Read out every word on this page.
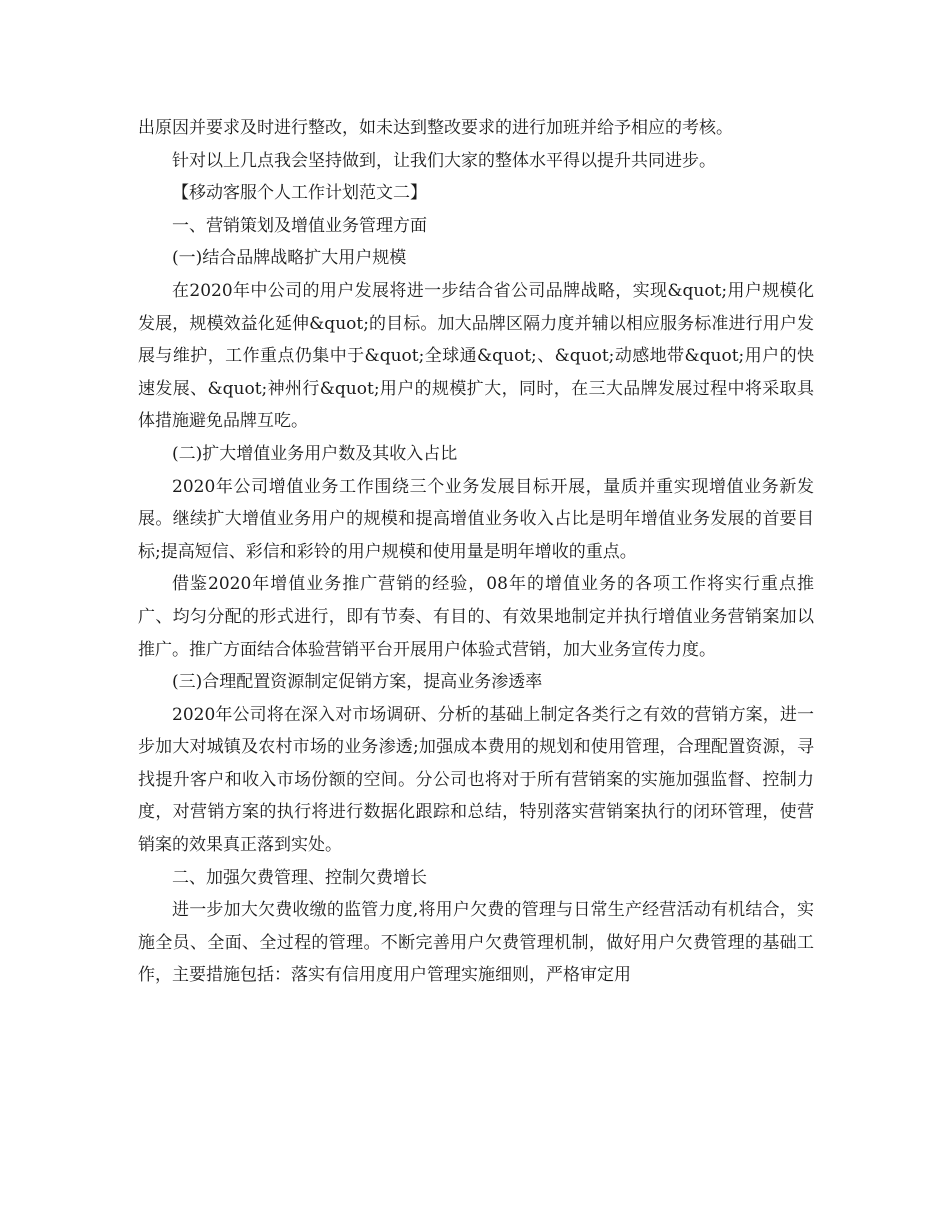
出原因并要求及时进行整改，如未达到整改要求的进行加班并给予相应的考核。

针对以上几点我会坚持做到，让我们大家的整体水平得以提升共同进步。

【移动客服个人工作计划范文二】

一、营销策划及增值业务管理方面

(一)结合品牌战略扩大用户规模

在2020年中公司的用户发展将进一步结合省公司品牌战略，实现&quot;用户规模化发展，规模效益化延伸&quot;的目标。加大品牌区隔力度并辅以相应服务标准进行用户发展与维护，工作重点仍集中于&quot;全球通&quot;、&quot;动感地带&quot;用户的快速发展、&quot;神州行&quot;用户的规模扩大，同时，在三大品牌发展过程中将采取具体措施避免品牌互吃。

(二)扩大增值业务用户数及其收入占比

2020年公司增值业务工作围绕三个业务发展目标开展，量质并重实现增值业务新发展。继续扩大增值业务用户的规模和提高增值业务收入占比是明年增值业务发展的首要目标;提高短信、彩信和彩铃的用户规模和使用量是明年增收的重点。

借鉴2020年增值业务推广营销的经验，08年的增值业务的各项工作将实行重点推广、均匀分配的形式进行，即有节奏、有目的、有效果地制定并执行增值业务营销案加以推广。推广方面结合体验营销平台开展用户体验式营销，加大业务宣传力度。

(三)合理配置资源制定促销方案，提高业务渗透率

2020年公司将在深入对市场调研、分析的基础上制定各类行之有效的营销方案，进一步加大对城镇及农村市场的业务渗透;加强成本费用的规划和使用管理，合理配置资源，寻找提升客户和收入市场份额的空间。分公司也将对于所有营销案的实施加强监督、控制力度，对营销方案的执行将进行数据化跟踪和总结，特别落实营销案执行的闭环管理，使营销案的效果真正落到实处。

二、加强欠费管理、控制欠费增长

进一步加大欠费收缴的监管力度,将用户欠费的管理与日常生产经营活动有机结合，实施全员、全面、全过程的管理。不断完善用户欠费管理机制，做好用户欠费管理的基础工作，主要措施包括：落实有信用度用户管理实施细则，严格审定用
